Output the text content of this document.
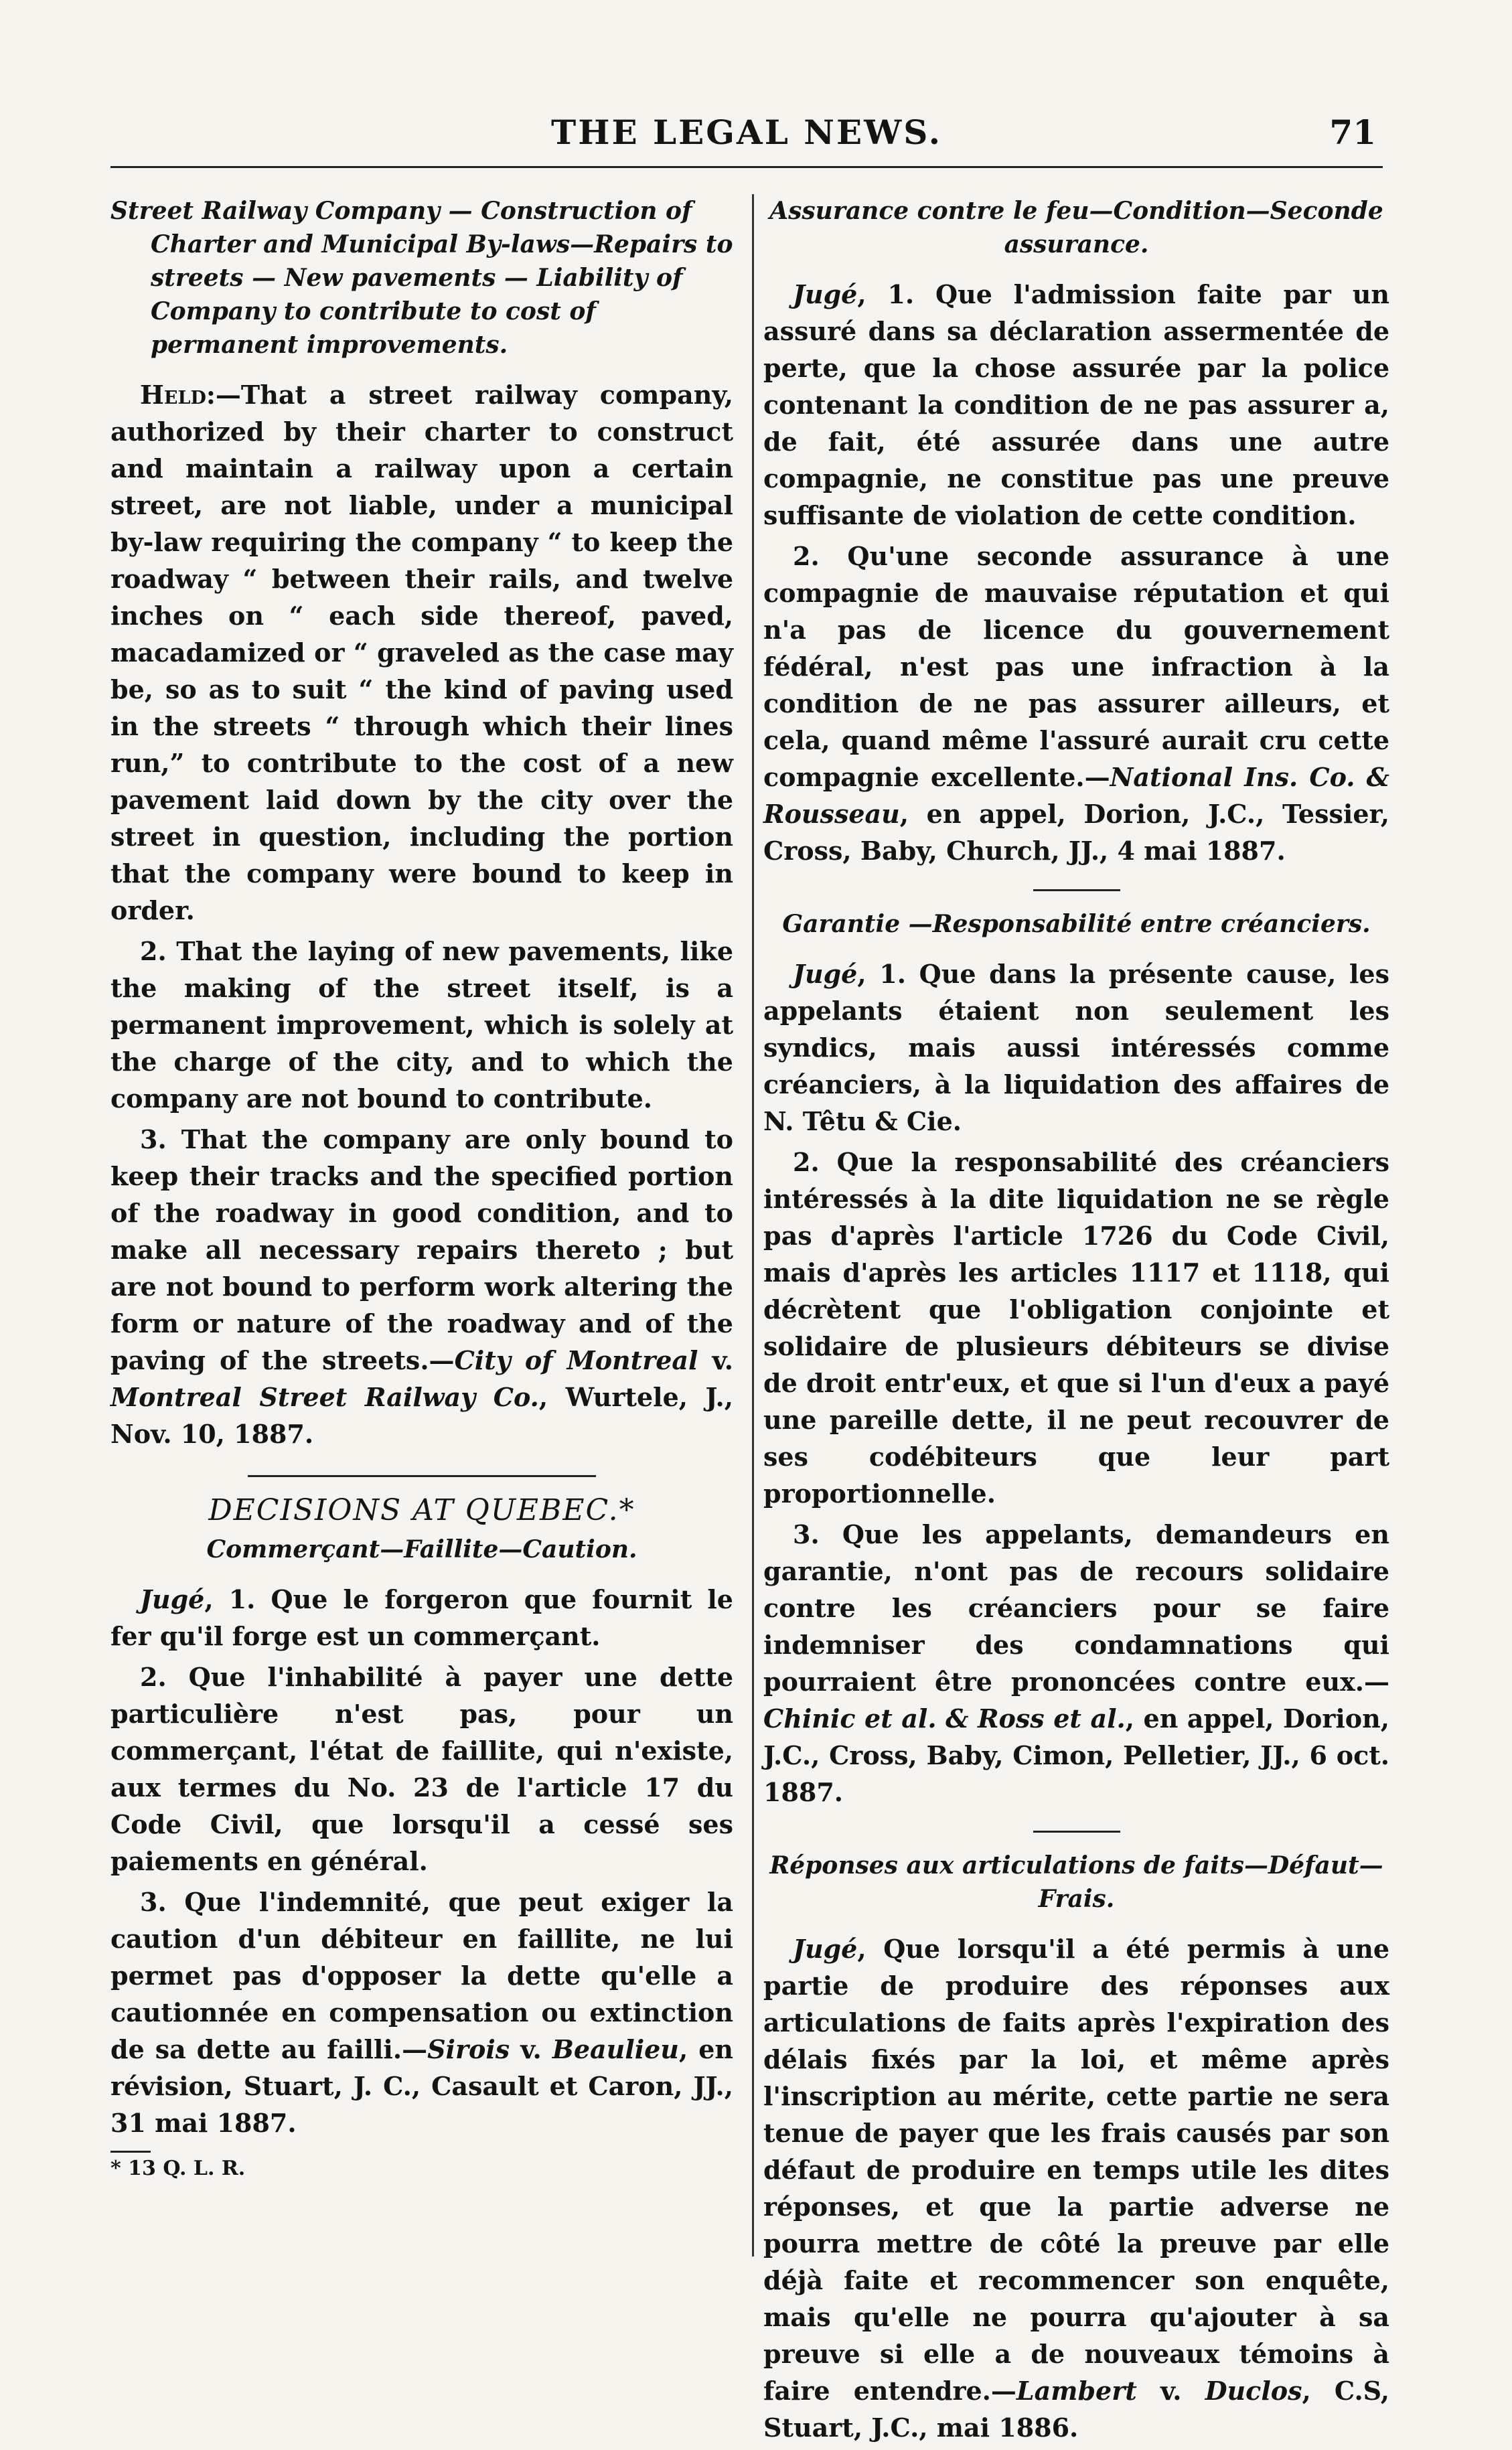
THE LEGAL NEWS.	71

Street Railway Company — Construction of Charter and Municipal By-laws—Repairs to streets — New pavements — Liability of Company to contribute to cost of permanent improvements.

Held:—That a street railway company, authorized by their charter to construct and maintain a railway upon a certain street, are not liable, under a municipal by-law requiring the company “ to keep the roadway “ between their rails, and twelve inches on “ each side thereof, paved, macadamized or “ graveled as the case may be, so as to suit “ the kind of paving used in the streets “ through which their lines run,” to contribute to the cost of a new pavement laid down by the city over the street in question, including the portion that the company were bound to keep in order.

2. That the laying of new pavements, like the making of the street itself, is a permanent improvement, which is solely at the charge of the city, and to which the company are not bound to contribute.

3. That the company are only bound to keep their tracks and the specified portion of the roadway in good condition, and to make all necessary repairs thereto ; but are not bound to perform work altering the form or nature of the roadway and of the paving of the streets.—City of Montreal v. Montreal Street Railway Co., Wurtele, J., Nov. 10, 1887.

DECISIONS AT QUEBEC.*

Commerçant—Faillite—Caution.

Jugé, 1. Que le forgeron que fournit le fer qu'il forge est un commerçant.

2. Que l'inhabilité à payer une dette particulière n'est pas, pour un commerçant, l'état de faillite, qui n'existe, aux termes du No. 23 de l'article 17 du Code Civil, que lorsqu'il a cessé ses paiements en général.

3. Que l'indemnité, que peut exiger la caution d'un débiteur en faillite, ne lui permet pas d'opposer la dette qu'elle a cautionnée en compensation ou extinction de sa dette au failli.—Sirois v. Beaulieu, en révision, Stuart, J. C., Casault et Caron, JJ., 31 mai 1887.

* 13 Q. L. R.

Assurance contre le feu—Condition—Seconde assurance.

Jugé, 1. Que l'admission faite par un assuré dans sa déclaration assermentée de perte, que la chose assurée par la police contenant la condition de ne pas assurer a, de fait, été assurée dans une autre compagnie, ne constitue pas une preuve suffisante de violation de cette condition.

2. Qu'une seconde assurance à une compagnie de mauvaise réputation et qui n'a pas de licence du gouvernement fédéral, n'est pas une infraction à la condition de ne pas assurer ailleurs, et cela, quand même l'assuré aurait cru cette compagnie excellente.—National Ins. Co. & Rousseau, en appel, Dorion, J.C., Tessier, Cross, Baby, Church, JJ., 4 mai 1887.

Garantie —Responsabilité entre créanciers.

Jugé, 1. Que dans la présente cause, les appelants étaient non seulement les syndics, mais aussi intéressés comme créanciers, à la liquidation des affaires de N. Têtu & Cie.

2. Que la responsabilité des créanciers intéressés à la dite liquidation ne se règle pas d'après l'article 1726 du Code Civil, mais d'après les articles 1117 et 1118, qui décrètent que l'obligation conjointe et solidaire de plusieurs débiteurs se divise de droit entr'eux, et que si l'un d'eux a payé une pareille dette, il ne peut recouvrer de ses codébiteurs que leur part proportionnelle.

3. Que les appelants, demandeurs en garantie, n'ont pas de recours solidaire contre les créanciers pour se faire indemniser des condamnations qui pourraient être prononcées contre eux.—Chinic et al. & Ross et al., en appel, Dorion, J.C., Cross, Baby, Cimon, Pelletier, JJ., 6 oct. 1887.

Réponses aux articulations de faits—Défaut—Frais.

Jugé, Que lorsqu'il a été permis à une partie de produire des réponses aux articulations de faits après l'expiration des délais fixés par la loi, et même après l'inscription au mérite, cette partie ne sera tenue de payer que les frais causés par son défaut de produire en temps utile les dites réponses, et que la partie adverse ne pourra mettre de côté la preuve par elle déjà faite et recommencer son enquête, mais qu'elle ne pourra qu'ajouter à sa preuve si elle a de nouveaux témoins à faire entendre.—Lambert v. Duclos, C.S, Stuart, J.C., mai 1886.
